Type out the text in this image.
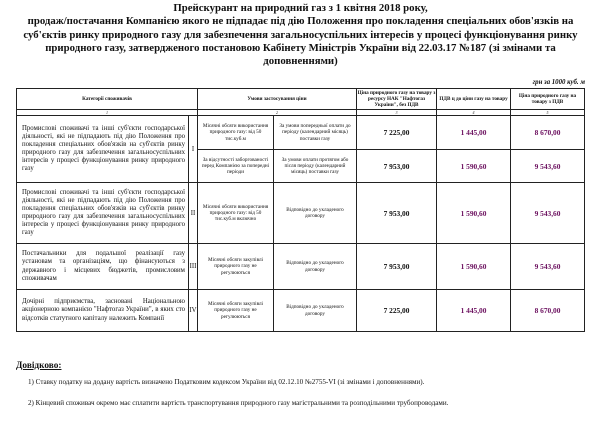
Прейскурант на природний газ з 1 квітня 2018 року,
продаж/постачання Компанією якого не підпадає під дію Положення про покладення спеціальних обов'язків на
суб'єктів ринку природного газу для забезпечення загальносуспільних інтересів у процесі функціонування ринку
природного газу, затвердженого постановою Кабінету Міністрів України від 22.03.17 №187 (зі змінами та
доповненнями)
грн за 1000 куб. м
Категорії споживачів		Умови застосування ціни		Ціна природного газу на товару з ресурсу НАК "Нафтогаз України", без ПДВ	ПДВ ц до ціни газу на товару	Ціна природного газу на товару з ПДВ
1		2		3	4	5
Промислові споживачі та інші суб'єкти господарської діяльності, які не підпадають під дію Положення про покладення спеціальних обов'язків на суб'єктів ринку природного газу для забезпечення загальносуспільних інтересів у процесі функціонування ринку природного газу	I	Місячні обсяги використання природного газу: від 50 тис.куб.м	За умови попередньої оплати до періоду (календарний місяць) поставки газу	7 225,00	1 445,00	8 670,00
		За відсутності заборгованості перед Компанією за попередні періоди	За умови оплати протягом або після періоду (календарний місяць) поставки газу	7 953,00	1 590,60	9 543,60
Промислові споживачі та інші суб'єкти господарської діяльності, які не підпадають під дію Положення про покладення спеціальних обов'язків на суб'єктів ринку природного газу для забезпечення загальносуспільних інтересів у процесі функціонування ринку природного газу	II	Місячні обсяги використання природного газу: від 50 тис.куб.м включно	Відповідно до укладеного договору	7 953,00	1 590,60	9 543,60
Постачальники для подальшої реалізації газу установам та організаціям, що фінансуються з державного і місцевих бюджетів, промисловим споживачам	III	Місячні обсяги закупівлі природного газу не регулюються	Відповідно до укладеного договору	7 953,00	1 590,60	9 543,60
Дочірні підприємства, засновані Національною акціонерною компанією "Нафтогаз України", в яких сто відсотків статутного капіталу належить Компанії	IV	Місячні обсяги закупівлі природного газу не регулюються	Відповідно до укладеного договору	7 225,00	1 445,00	8 670,00
Довідково:
1) Ставку податку на додану вартість визначено Податковим кодексом України від 02.12.10 №2755-VI (зі змінами і доповненнями).
2) Кінцевий споживач окремо має сплатити вартість транспортування природного газу магістральними та розподільними трубопроводами.
